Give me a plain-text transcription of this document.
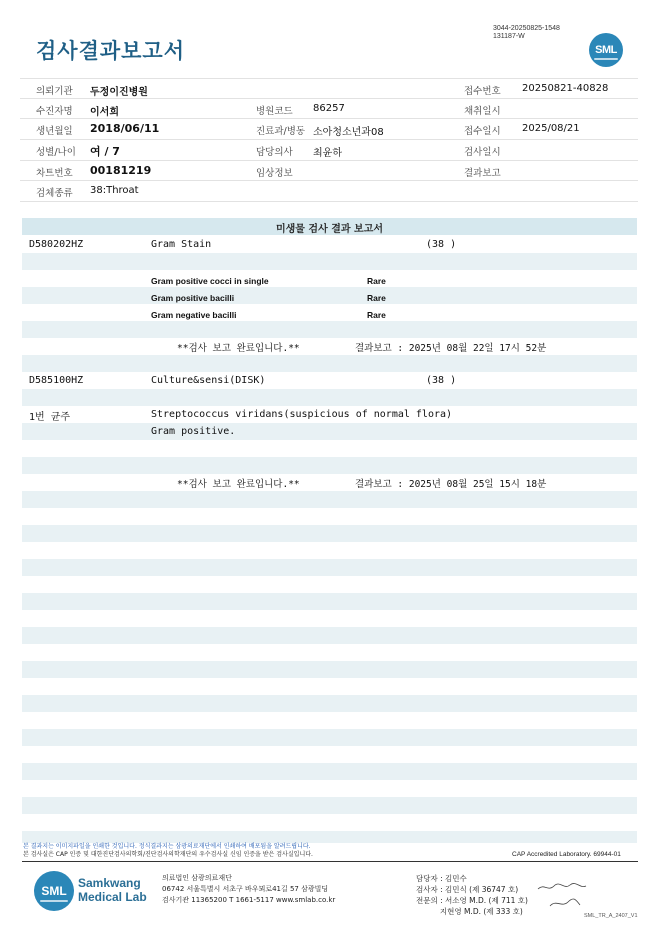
3044-20250825-1548
131187-W
검사결과보고서	SML
의뢰기관 두정이진병원	접수번호 20250821-40828
수진자명 이서희	병원코드 86257	채취일시
생년월일 2018/06/11	진료과/병동 소아청소년과08	접수일시 2025/08/21
성별/나이 여 / 7	담당의사 최윤하	검사일시
차트번호 00181219	임상정보	결과보고
검체종류 38:Throat
미생물 검사 결과 보고서
D580202HZ	Gram Stain	(38 )
Gram positive cocci in single	Rare
Gram positive bacilli	Rare
Gram negative bacilli	Rare
**검사 보고 완료입니다.**	결과보고 : 2025년 08월 22일 17시 52분
D585100HZ	Culture&sensi(DISK)	(38 )
1번 균주	Streptococcus viridans(suspicious of normal flora)
Gram positive.
**검사 보고 완료입니다.**	결과보고 : 2025년 08월 25일 15시 18분
본 결과지는 이미지파일을 인쇄한 것입니다. 정식결과지는 삼광의료재단에서 인쇄하여 배포됨을 알려드립니다.
본 검사실은 CAP 인증 및 대한진단검사의학회/진단검사의학재단의 우수검사실 신임 인증을 받은 검사실입니다.	CAP Accredited Laboratory. 69944-01
SML
Samkwang
Medical Lab
의료법인 삼광의료재단
06742 서울특별시 서초구 바우뫼로41길 57 삼광빌딩
검사기관 11365200 T 1661-5117 www.smlab.co.kr
담당자 : 김민수
검사자 : 김민식 (제 36747 호)
전문의 : 서소영 M.D. (제 711 호)
지현영 M.D. (제 333 호)	SML_TR_A_2407_V1
